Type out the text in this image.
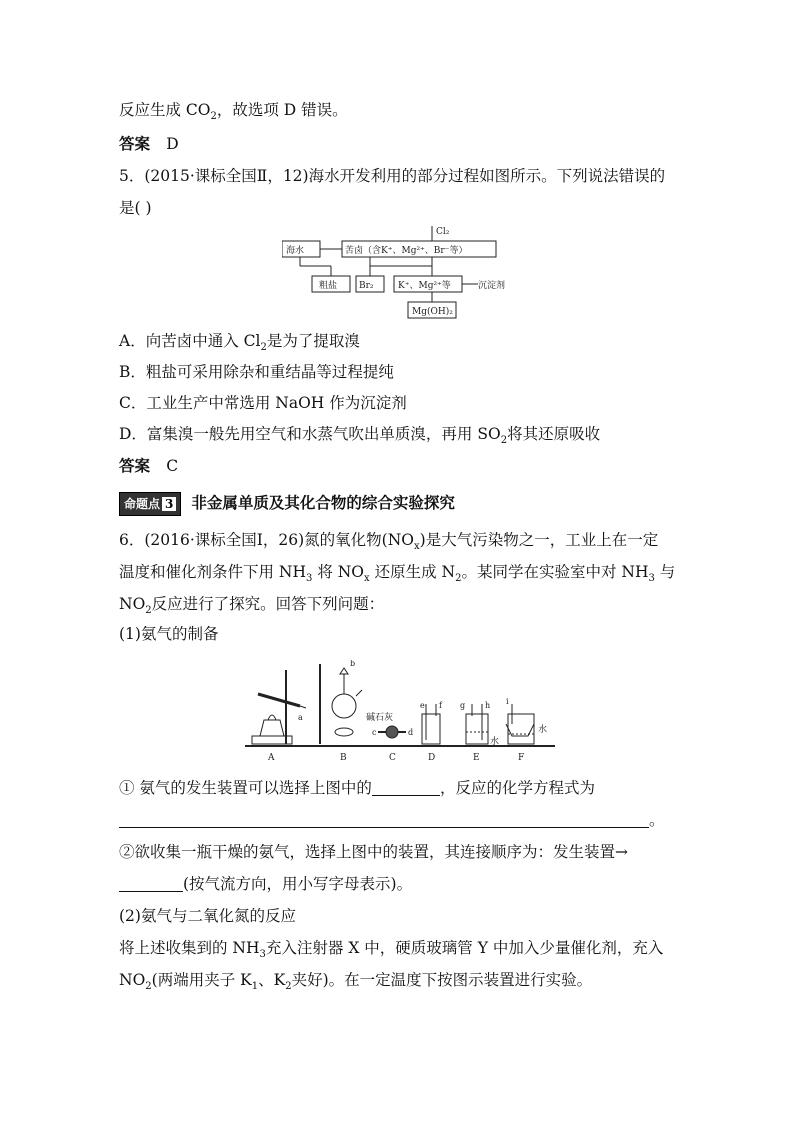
反应生成 $CO_2$，故选项 D 错误。
答案 D
5．(2015·课标全国Ⅱ，12)海水开发利用的部分过程如图所示。下列说法错误的
是( )
Cl₂
海水	苦卤（含K⁺、Mg²⁺、Br⁻等）
粗盐 Br₂	K⁺、Mg²⁺等	沉淀剂
Mg(OH)₂
A．向苦卤中通入 $Cl_2$是为了提取溴
B．粗盐可采用除杂和重结晶等过程提纯
C．工业生产中常选用 NaOH 作为沉淀剂
D．富集溴一般先用空气和水蒸气吹出单质溴，再用 $SO_2$将其还原吸收
答案 C
命题点 3 非金属单质及其化合物的综合实验探究
6．(2016·课标全国Ⅰ，26)氮的氧化物$(NO_x)$是大气污染物之一，工业上在一定
温度和催化剂条件下用 $NH_3$ 将 $NO_x$ 还原生成 $N_2$。某同学在实验室中对 $NH_3$ 与
$NO_2$反应进行了探究。回答下列问题：
(1)氨气的制备
a
b
c	d
e f g h i
碱石灰
水
水
A	B	C	D	E	F
① 氨气的发生装置可以选择上图中的	，反应的化学方程式为
。
②欲收集一瓶干燥的氨气，选择上图中的装置，其连接顺序为：发生装置→
(按气流方向，用小写字母表示)。
(2)氨气与二氧化氮的反应
将上述收集到的 $NH_3$充入注射器 X 中，硬质玻璃管 Y 中加入少量催化剂，充入
$NO_2$(两端用夹子 $K_1$、$K_2$夹好)。在一定温度下按图示装置进行实验。
